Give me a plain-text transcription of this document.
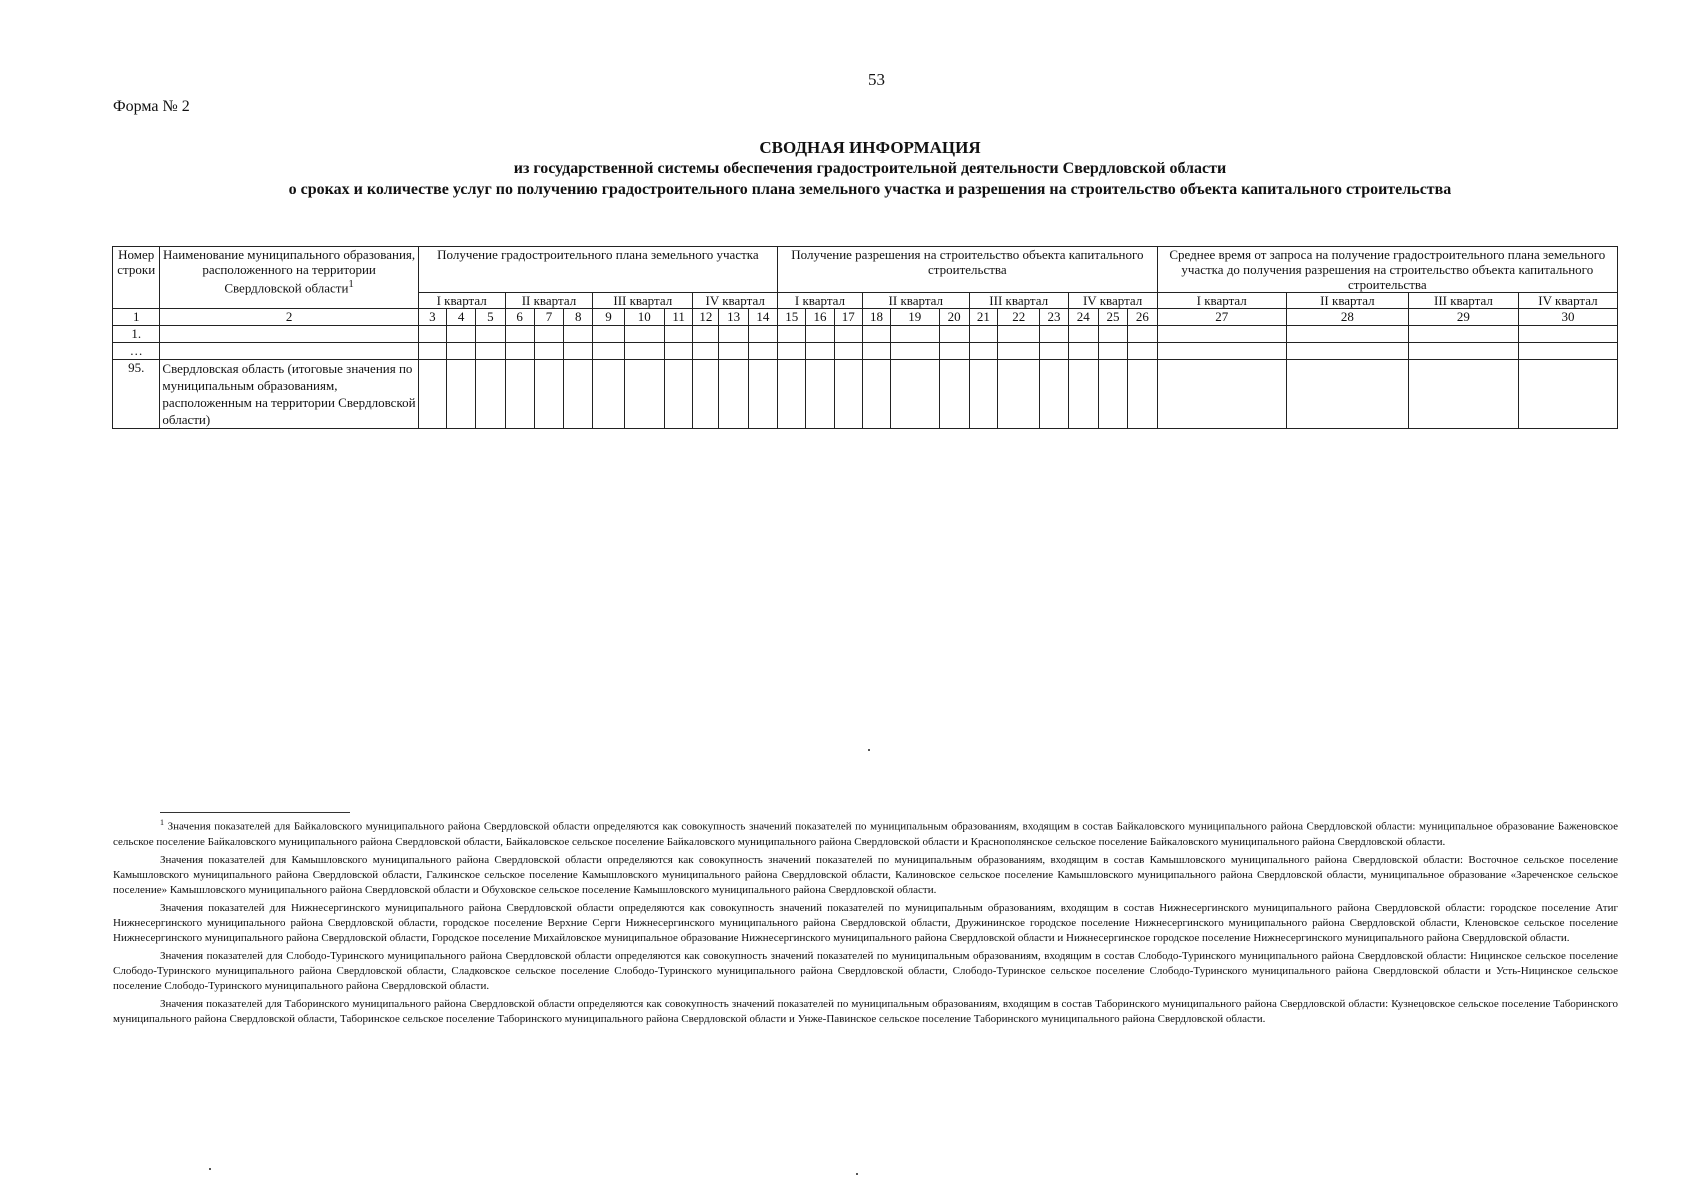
53
Форма № 2
СВОДНАЯ ИНФОРМАЦИЯ
из государственной системы обеспечения градостроительной деятельности Свердловской области
о сроках и количестве услуг по получению градостроительного плана земельного участка и разрешения на строительство объекта капитального строительства
Номер строки	Наименование муниципального образования, расположенного на территории Свердловской области$^1$	Получение градостроительного плана земельного участка												Получение разрешения на строительство объекта капитального строительства												Среднее время от запроса на получение градостроительного плана земельного участка до получения разрешения на строительство объекта капитального строительства			
		I квартал			II квартал			III квартал			IV квартал			I квартал			II квартал			III квартал			IV квартал			I квартал	II квартал	III квартал	IV квартал
1	2	3	4	5	6	7	8	9	10	11	12	13	14	15	16	17	18	19	20	21	22	23	24	25	26	27	28	29	30
1.																													
…																													
95.	Свердловская область (итоговые значения по муниципальным образованиям, расположенным на территории Свердловской области)																												

$^1$ Значения показателей для Байкаловского муниципального района Свердловской области определяются как совокупность значений показателей по муниципальным образованиям, входящим в состав Байкаловского муниципального района Свердловской области: муниципальное образование Баженовское сельское поселение Байкаловского муниципального района Свердловской области, Байкаловское сельское поселение Байкаловского муниципального района Свердловской области и Краснополянское сельское поселение Байкаловского муниципального района Свердловской области.

Значения показателей для Камышловского муниципального района Свердловской области определяются как совокупность значений показателей по муниципальным образованиям, входящим в состав Камышловского муниципального района Свердловской области: Восточное сельское поселение Камышловского муниципального района Свердловской области, Галкинское сельское поселение Камышловского муниципального района Свердловской области, Калиновское сельское поселение Камышловского муниципального района Свердловской области, муниципальное образование «Зареченское сельское поселение» Камышловского муниципального района Свердловской области и Обуховское сельское поселение Камышловского муниципального района Свердловской области.

Значения показателей для Нижнесергинского муниципального района Свердловской области определяются как совокупность значений показателей по муниципальным образованиям, входящим в состав Нижнесергинского муниципального района Свердловской области: городское поселение Атиг Нижнесергинского муниципального района Свердловской области, городское поселение Верхние Серги Нижнесергинского муниципального района Свердловской области, Дружининское городское поселение Нижнесергинского муниципального района Свердловской области, Кленовское сельское поселение Нижнесергинского муниципального района Свердловской области, Городское поселение Михайловское муниципальное образование Нижнесергинского муниципального района Свердловской области и Нижнесергинское городское поселение Нижнесергинского муниципального района Свердловской области.

Значения показателей для Слободо-Туринского муниципального района Свердловской области определяются как совокупность значений показателей по муниципальным образованиям, входящим в состав Слободо-Туринского муниципального района Свердловской области: Ницинское сельское поселение Слободо-Туринского муниципального района Свердловской области, Сладковское сельское поселение Слободо-Туринского муниципального района Свердловской области, Слободо-Туринское сельское поселение Слободо-Туринского муниципального района Свердловской области и Усть-Ницинское сельское поселение Слободо-Туринского муниципального района Свердловской области.

Значения показателей для Таборинского муниципального района Свердловской области определяются как совокупность значений показателей по муниципальным образованиям, входящим в состав Таборинского муниципального района Свердловской области: Кузнецовское сельское поселение Таборинского муниципального района Свердловской области, Таборинское сельское поселение Таборинского муниципального района Свердловской области и Унже-Павинское сельское поселение Таборинского муниципального района Свердловской области.
